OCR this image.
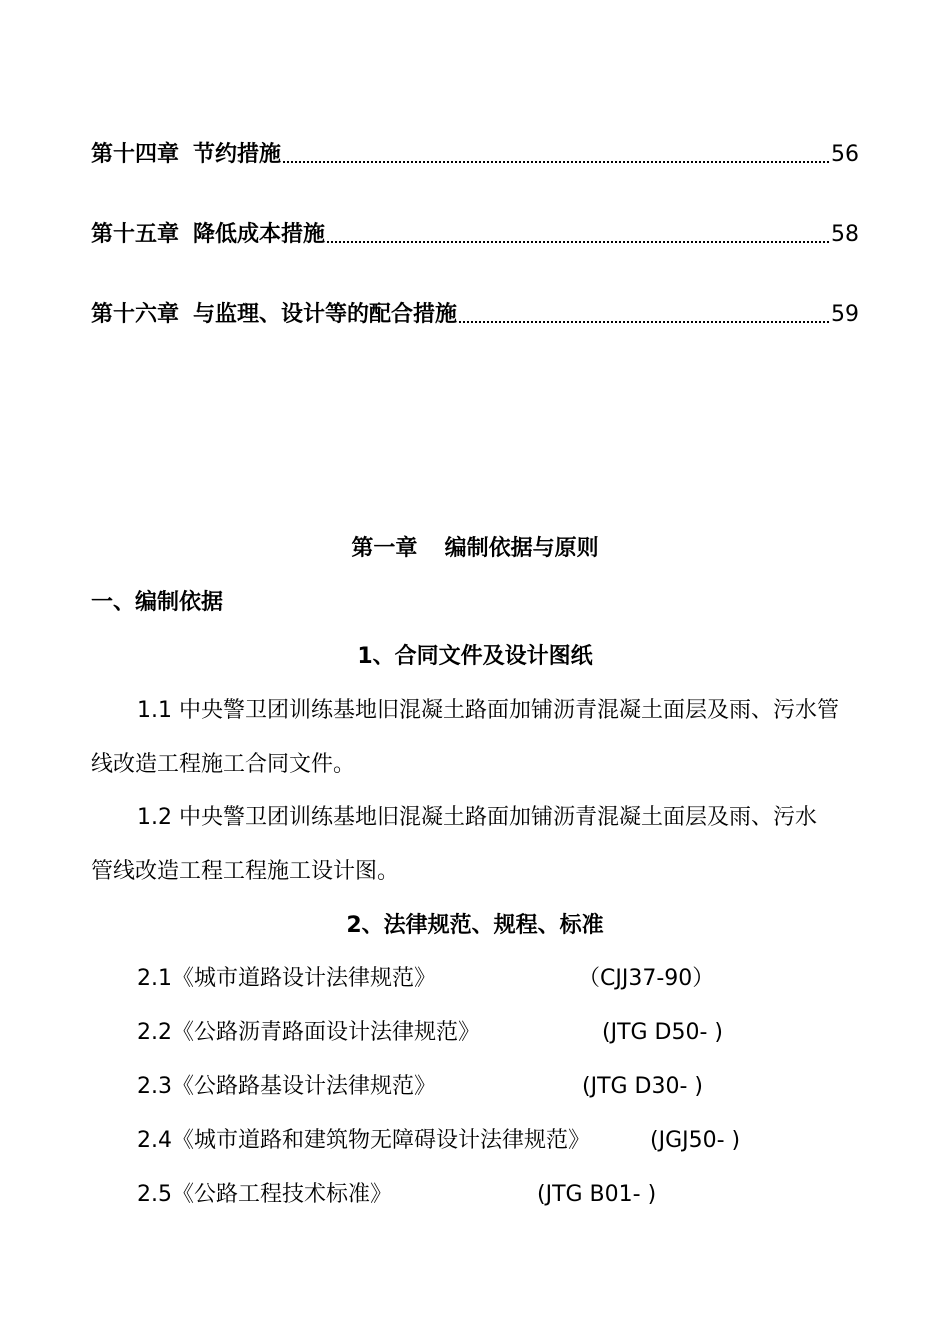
第十四章 节约措施	56
第十五章 降低成本措施	58
第十六章 与监理、设计等的配合措施	59
第一章 编制依据与原则
一、编制依据
1、合同文件及设计图纸
1.1 中央警卫团训练基地旧混凝土路面加铺沥青混凝土面层及雨、污水管
线改造工程施工合同文件。
1.2 中央警卫团训练基地旧混凝土路面加铺沥青混凝土面层及雨、污水
管线改造工程工程施工设计图。
2、法律规范、规程、标准
2.1《城市道路设计法律规范》	（CJJ37-90）
2.2《公路沥青路面设计法律规范》	(JTG D50- )
2.3《公路路基设计法律规范》	(JTG D30- )
2.4《城市道路和建筑物无障碍设计法律规范》	(JGJ50- )
2.5《公路工程技术标准》	(JTG B01- )
